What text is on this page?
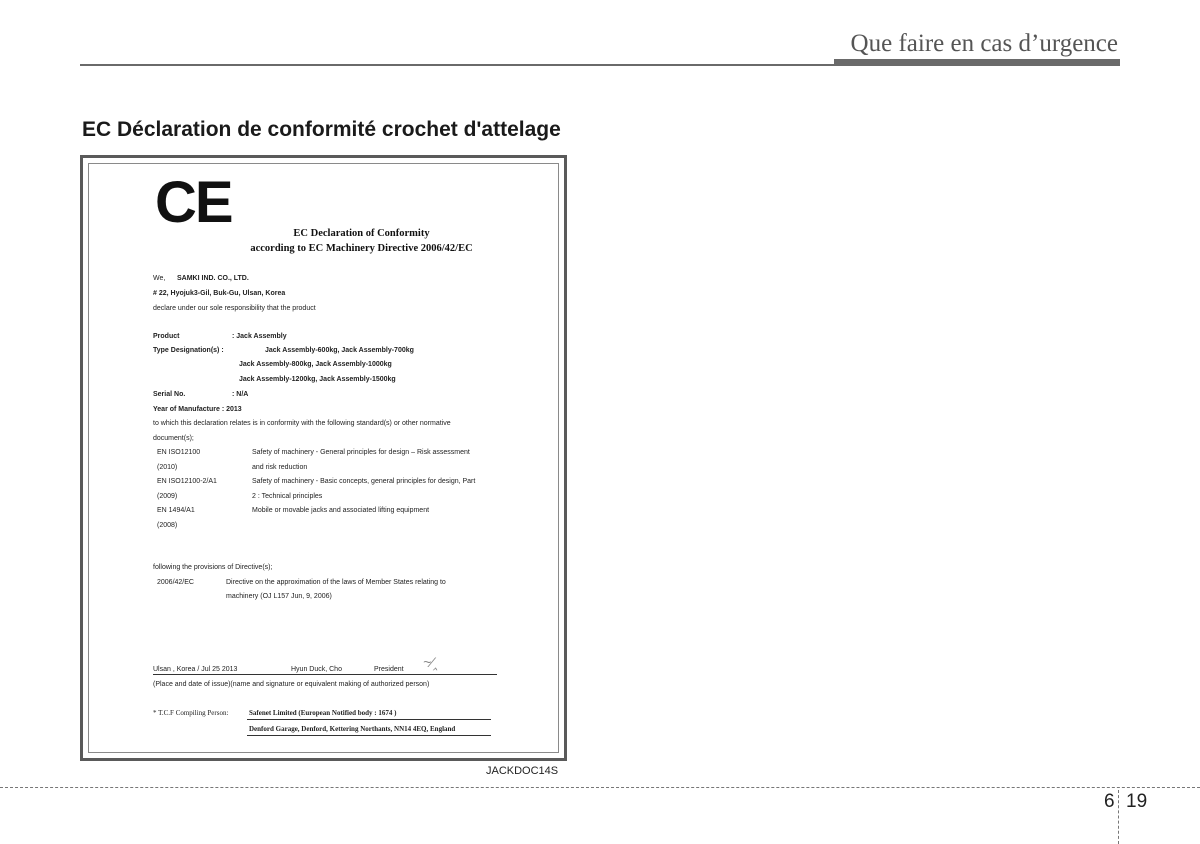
Que faire en cas d’urgence
EC Déclaration de conformité crochet d'attelage
CE	EC Declaration of Conformity
according to EC Machinery Directive 2006/42/EC
We, SAMKI IND. CO., LTD.
# 22, Hyojuk3-Gil, Buk-Gu, Ulsan, Korea
declare under our sole responsibility that the product
Product	: Jack Assembly
Type Designation(s) :	Jack Assembly-600kg, Jack Assembly-700kg
Jack Assembly-800kg, Jack Assembly-1000kg
Jack Assembly-1200kg, Jack Assembly-1500kg
Serial No.	: N/A
Year of Manufacture : 2013
to which this declaration relates is in conformity with the following standard(s) or other normative
document(s);
EN ISO12100	Safety of machinery - General principles for design – Risk assessment
(2010)	and risk reduction
EN ISO12100-2/A1	Safety of machinery - Basic concepts, general principles for design, Part
(2009)	2 : Technical principles
EN 1494/A1	Mobile or movable jacks and associated lifting equipment
(2008)
following the provisions of Directive(s);
2006/42/EC	Directive on the approximation of the laws of Member States relating to
machinery (OJ L157 Jun, 9, 2006)
~⁄‸
Ulsan , Korea / Jul 25 2013	Hyun Duck, Cho	President
(Place and date of issue)(name and signature or equivalent making of authorized person)
* T.C.F Compiling Person:	Safenet Limited (European Notified body : 1674 )
Denford Garage, Denford, Kettering Northants, NN14 4EQ, England
JACKDOC14S
6 19
